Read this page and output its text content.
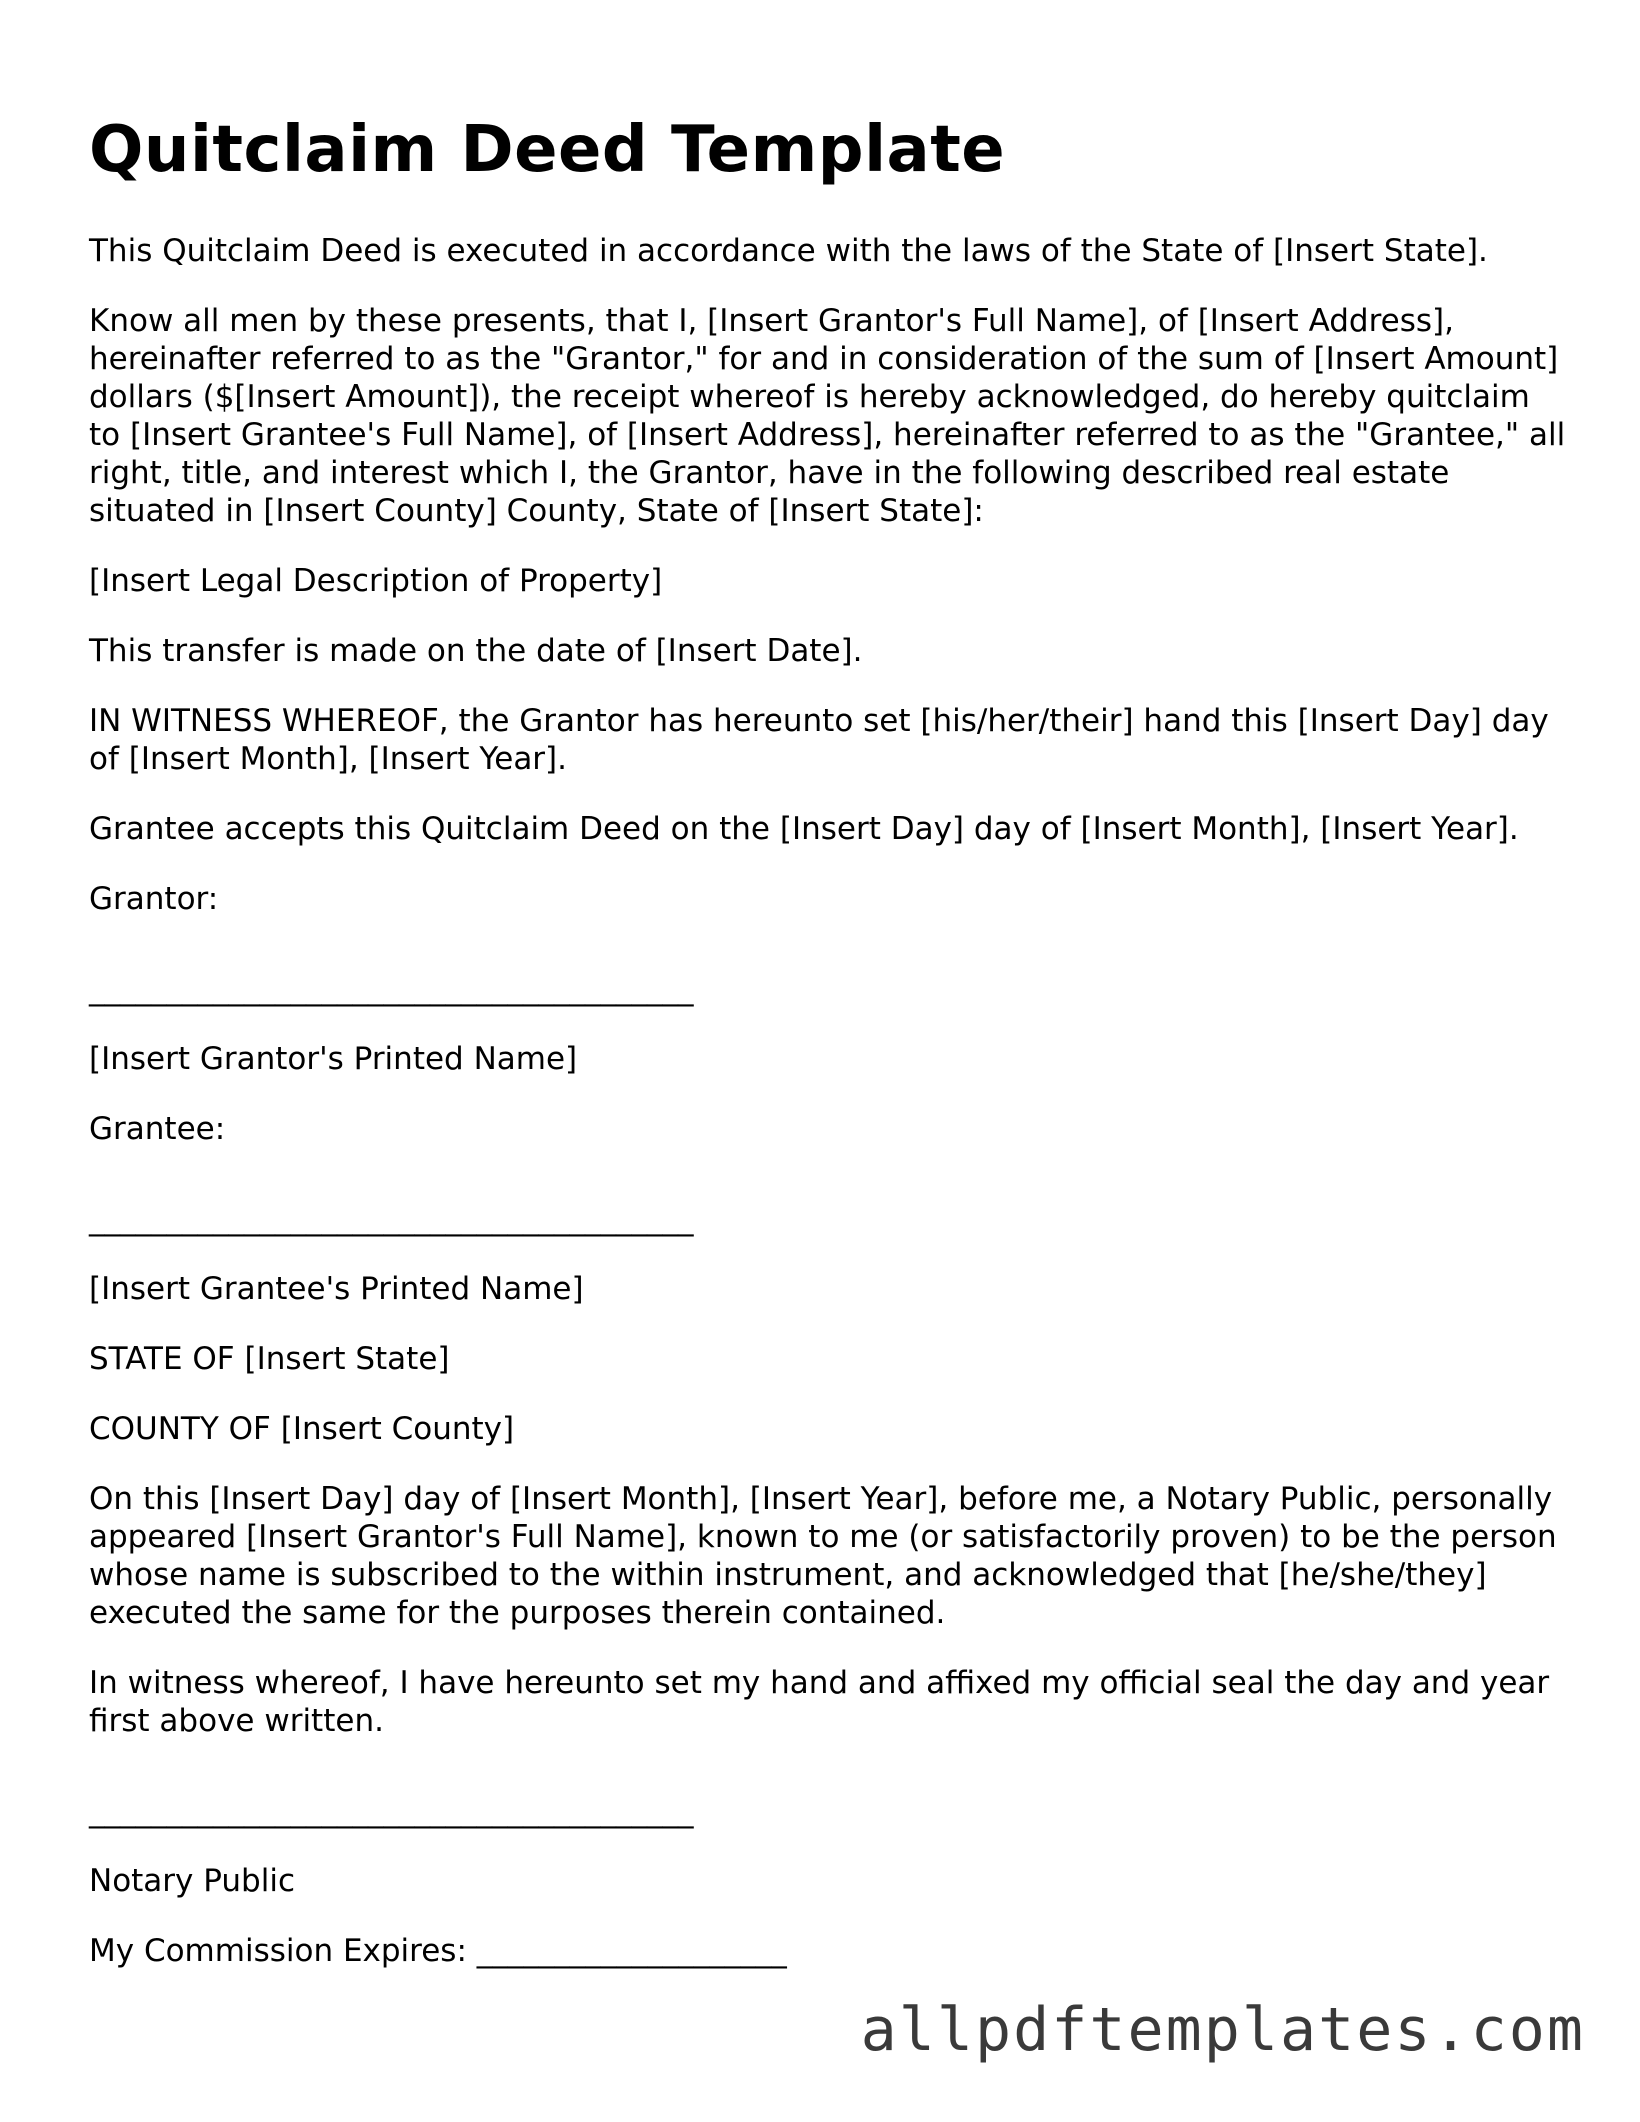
Quitclaim Deed Template

This Quitclaim Deed is executed in accordance with the laws of the State of [Insert State].

Know all men by these presents, that I, [Insert Grantor's Full Name], of [Insert Address], hereinafter referred to as the "Grantor," for and in consideration of the sum of [Insert Amount] dollars ($[Insert Amount]), the receipt whereof is hereby acknowledged, do hereby quitclaim to [Insert Grantee's Full Name], of [Insert Address], hereinafter referred to as the "Grantee," all right, title, and interest which I, the Grantor, have in the following described real estate situated in [Insert County] County, State of [Insert State]:

[Insert Legal Description of Property]

This transfer is made on the date of [Insert Date].

IN WITNESS WHEREOF, the Grantor has hereunto set [his/her/their] hand this [Insert Day] day of [Insert Month], [Insert Year].

Grantee accepts this Quitclaim Deed on the [Insert Day] day of [Insert Month], [Insert Year].

Grantor:

_______________________________________

[Insert Grantor's Printed Name]

Grantee:

_______________________________________

[Insert Grantee's Printed Name]

STATE OF [Insert State]

COUNTY OF [Insert County]

On this [Insert Day] day of [Insert Month], [Insert Year], before me, a Notary Public, personally appeared [Insert Grantor's Full Name], known to me (or satisfactorily proven) to be the person whose name is subscribed to the within instrument, and acknowledged that [he/she/they] executed the same for the purposes therein contained.

In witness whereof, I have hereunto set my hand and affixed my official seal the day and year first above written.

_______________________________________

Notary Public

My Commission Expires: ____________________

allpdftemplates.com
